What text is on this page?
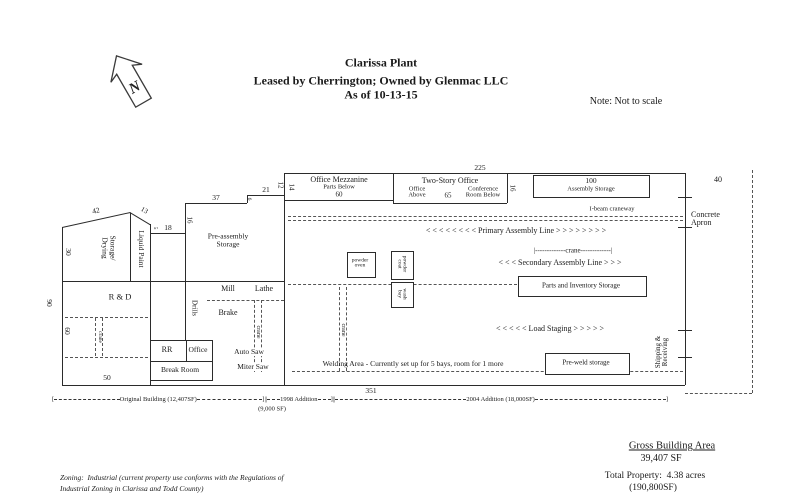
N
Clarissa Plant
Leased by Cherrington; Owned by Glenmac LLC
As of 10-13-15	Note: Not to scale

Storage/
Drying

	Liquid Paint
R & D

Pre-assembly
Storage

Office Mezzanine
Parts Below
60
Two-Story Office

Office
Above

	65

Conference
Room Below

100
Assembly Storage
Parts and Inventory Storage
Pre-weld storage

powder
oven

	powder
coat

wash
bay

RR Office
Break Room

Shipping & Receiving

40

Concrete
Apron

Drills
Mill	Lathe
Brake
Auto Saw
Miter Saw
crane	crane
crane
I-beam craneway
< < < < < < < < Primary Assembly Line > > > > > > > >
|-------------crane-------------|
< < < Secondary Assembly Line > > >
< < < < < Load Staging > > > > >
Welding Area - Currently set up for 5 bays, room for 1 more
42	13
30
5 18
16
37	6
21
12 14
225
16
90
60
50
351
[	Original Building (12,407SF)	]|| 1998 Addition ]||	2004 Addition (18,000SF)	]
(9,000 SF)

Zoning:  Industrial (current property use conforms with the Regulations of
Industrial Zoning in Clarissa and Todd County)

Gross Building Area
39,407 SF
Total Property:  4.38 acres
(190,800SF)
